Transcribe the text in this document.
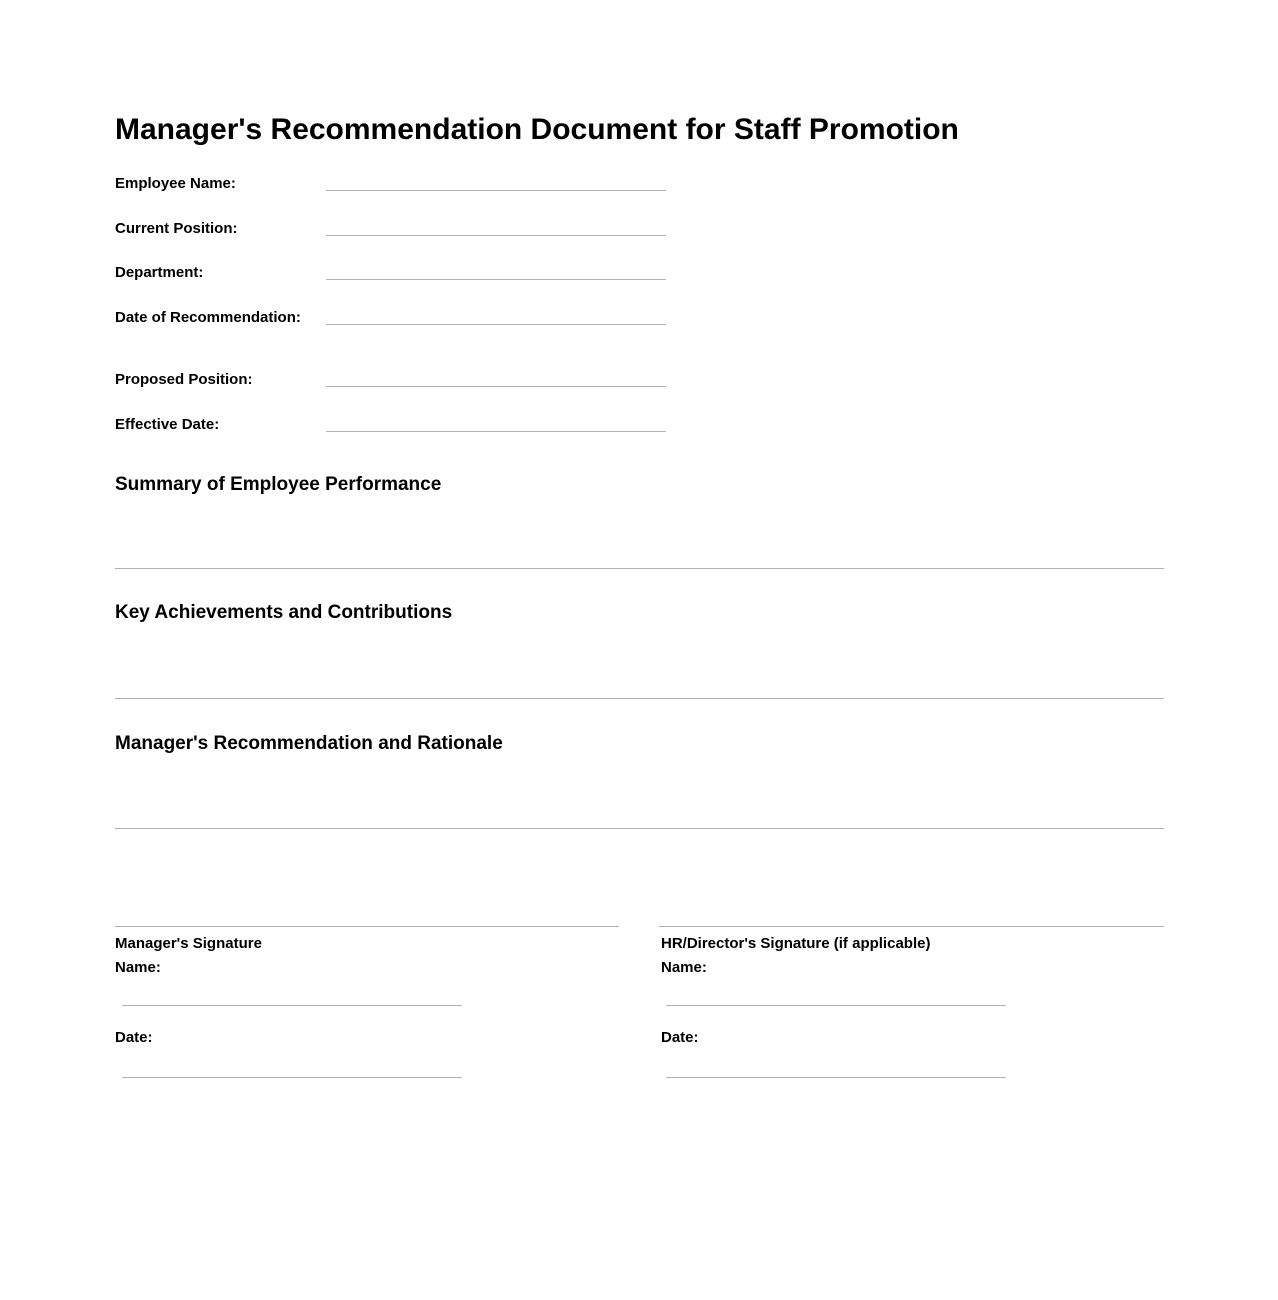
Manager's Recommendation Document for Staff Promotion
Employee Name:
Current Position:
Department:
Date of Recommendation:
Proposed Position:
Effective Date:
Summary of Employee Performance
Key Achievements and Contributions
Manager's Recommendation and Rationale
Manager's Signature
Name:
Date:
HR/Director's Signature (if applicable)
Name:
Date:
